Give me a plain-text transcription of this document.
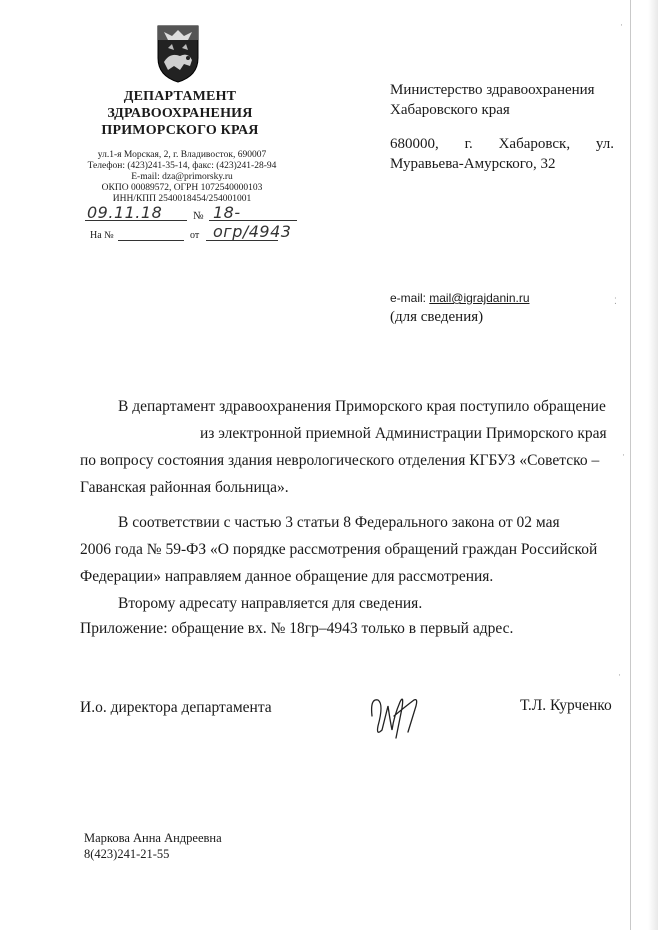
·
⁚
·
·
ДЕПАРТАМЕНТ
ЗДРАВООХРАНЕНИЯ
ПРИМОРСКОГО КРАЯ
ул.1-я Морская, 2, г. Владивосток, 690007
Телефон: (423)241-35-14, факс: (423)241-28-94
E-mail: dza@primorsky.ru
ОКПО 00089572, ОГРН 1072540000103
ИНН/КПП 2540018454/254001001
09.11.18	№ 18-огр/4943
На №	от
Министерство здравоохранения
Хабаровского края
680000, г. Хабаровск, ул.
Муравьева-Амурского, 32
e-mail: mail@igrajdanin.ru
(для сведения)

В департамент здравоохранения Приморского края поступило обращение

из электронной приемной Администрации Приморского края

по вопросу состояния здания неврологического отделения КГБУЗ «Советско –

Гаванская районная больница».

В соответствии с частью 3 статьи 8 Федерального закона от 02 мая

2006 года № 59-ФЗ «О порядке рассмотрения обращений граждан Российской

Федерации» направляем данное обращение для рассмотрения.

Второму адресату направляется для сведения.

Приложение: обращение вх. № 18гр–4943 только в первый адрес.
И.о. директора департамента	Т.Л. Курченко
Маркова Анна Андреевна
8(423)241-21-55
